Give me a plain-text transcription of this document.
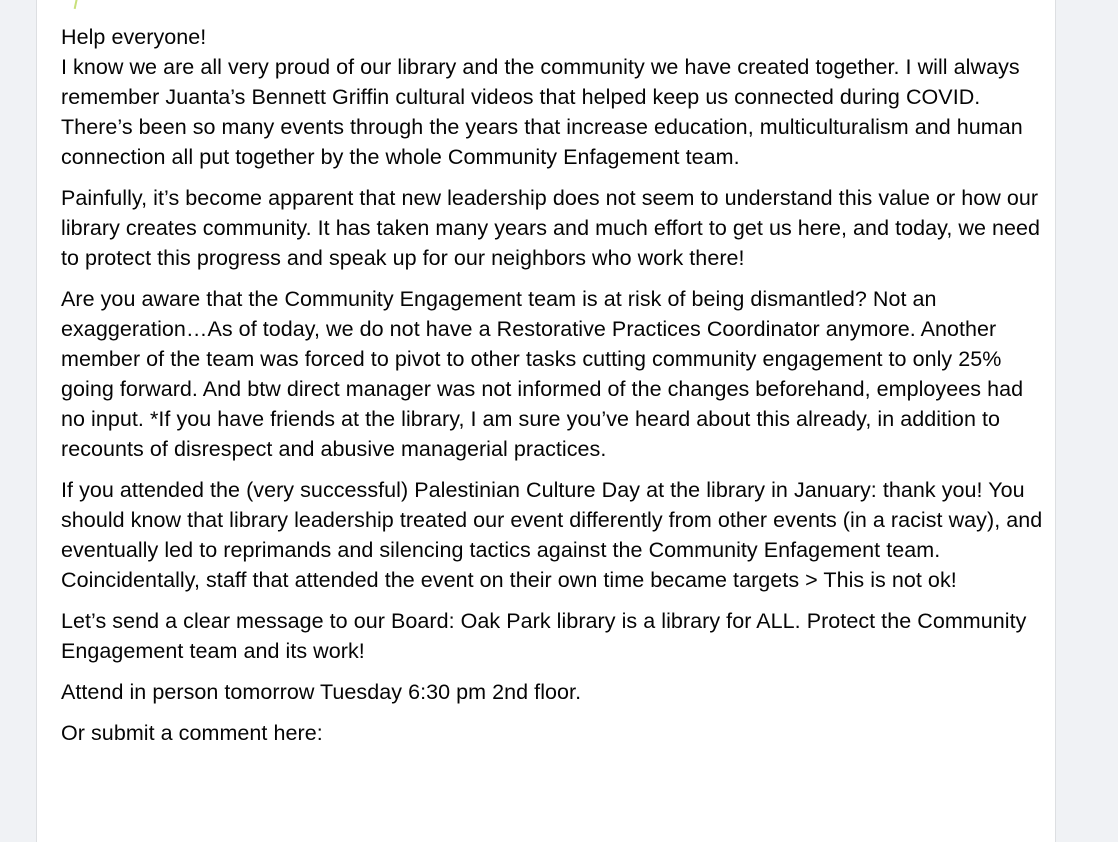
Help everyone!
I know we are all very proud of our library and the community we have created together. I will always remember Juanta’s Bennett Griffin cultural videos that helped keep us connected during COVID. There’s been so many events through the years that increase education, multiculturalism and human connection all put together by the whole Community Enfagement team.

Painfully, it’s become apparent that new leadership does not seem to understand this value or how our library creates community. It has taken many years and much effort to get us here, and today, we need to protect this progress and speak up for our neighbors who work there!

Are you aware that the Community Engagement team is at risk of being dismantled? Not an exaggeration…As of today, we do not have a Restorative Practices Coordinator anymore. Another member of the team was forced to pivot to other tasks cutting community engagement to only 25% going forward. And btw direct manager was not informed of the changes beforehand, employees had no input. *If you have friends at the library, I am sure you’ve heard about this already, in addition to recounts of disrespect and abusive managerial practices.

If you attended the (very successful) Palestinian Culture Day at the library in January: thank you! You should know that library leadership treated our event differently from other events (in a racist way), and eventually led to reprimands and silencing tactics against the Community Enfagement team. Coincidentally, staff that attended the event on their own time became targets > This is not ok!

Let’s send a clear message to our Board: Oak Park library is a library for ALL. Protect the Community Engagement team and its work!

Attend in person tomorrow Tuesday 6:30 pm 2nd floor.

Or submit a comment here:
